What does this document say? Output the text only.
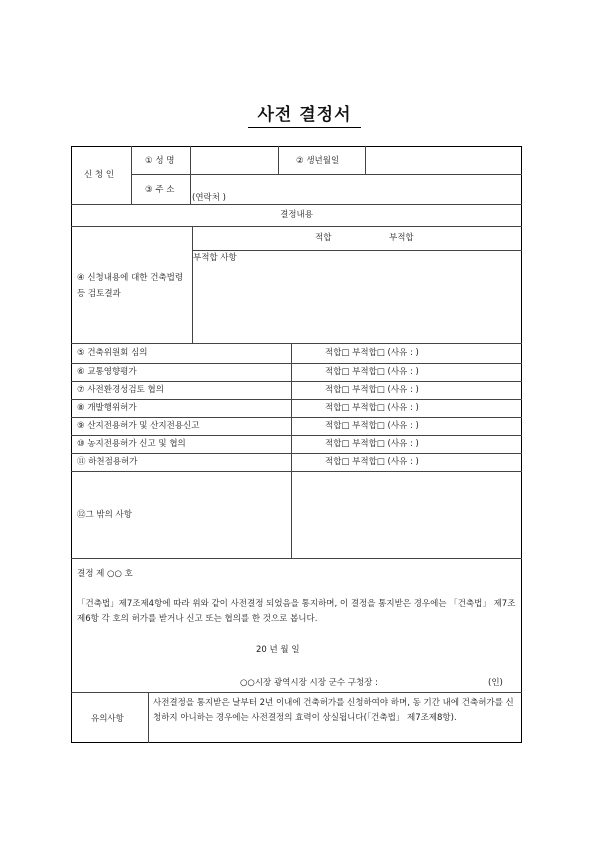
사전 결정서
신 청 인
① 성 명	② 생년월일
③ 주 소
(연락처 )
결정내용
④ 신청내용에 대한 건축법령 등 검토결과
적합	부적합
부적합 사항
⑤ 건축위원회 심의	적합□ 부적합□ (사유 : )
⑥ 교통영향평가	적합□ 부적합□ (사유 : )
⑦ 사전환경성검토 협의	적합□ 부적합□ (사유 : )
⑧ 개발행위허가	적합□ 부적합□ (사유 : )
⑨ 산지전용허가 및 산지전용신고	적합□ 부적합□ (사유 : )
⑩ 농지전용허가 신고 및 협의	적합□ 부적합□ (사유 : )
⑪ 하천점용허가	적합□ 부적합□ (사유 : )
⑫그 밖의 사항
결정 제 ○○ 호
「건축법」제7조제4항에 따라 위와 같이 사전결정 되었음을 통지하며, 이 결정을 통지받은 경우에는 「건축법」 제7조제6항 각 호의 허가를 받거나 신고 또는 협의를 한 것으로 봅니다.
20 년 월 일
○○시장 광역시장 시장 군수 구청장 :	(인)
유의사항
사전결정을 통지받은 날부터 2년 이내에 건축허가를 신청하여야 하며, 동 기간 내에 건축허가를 신청하지 아니하는 경우에는 사전결정의 효력이 상실됩니다(「건축법」 제7조제8항).
